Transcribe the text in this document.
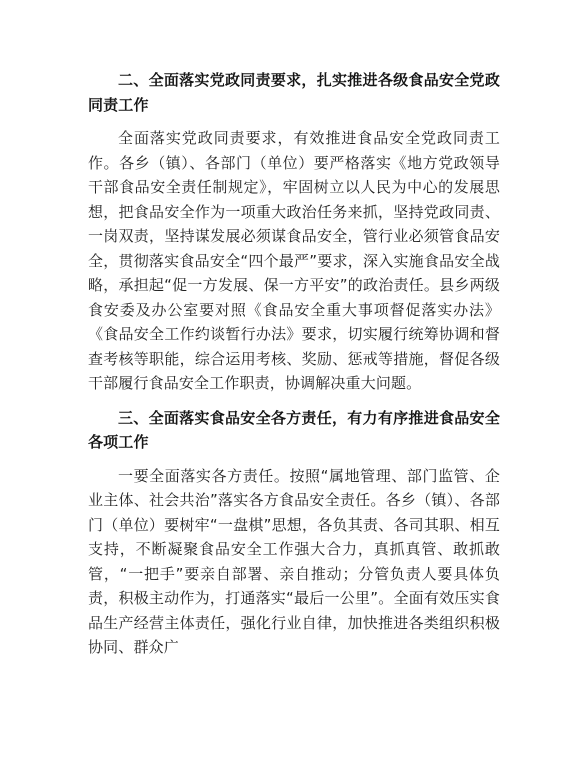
二、全面落实党政同责要求，扎实推进各级食品安全党政同责工作

全面落实党政同责要求，有效推进食品安全党政同责工作。各乡（镇）、各部门（单位）要严格落实《地方党政领导干部食品安全责任制规定》，牢固树立以人民为中心的发展思想，把食品安全作为一项重大政治任务来抓，坚持党政同责、一岗双责，坚持谋发展必须谋食品安全，管行业必须管食品安全，贯彻落实食品安全“四个最严”要求，深入实施食品安全战略，承担起“促一方发展、保一方平安”的政治责任。县乡两级食安委及办公室要对照《食品安全重大事项督促落实办法》《食品安全工作约谈暂行办法》要求，切实履行统筹协调和督查考核等职能，综合运用考核、奖励、惩戒等措施，督促各级干部履行食品安全工作职责，协调解决重大问题。

三、全面落实食品安全各方责任，有力有序推进食品安全各项工作

一要全面落实各方责任。按照“属地管理、部门监管、企业主体、社会共治”落实各方食品安全责任。各乡（镇）、各部门（单位）要树牢“一盘棋”思想，各负其责、各司其职、相互支持，不断凝聚食品安全工作强大合力，真抓真管、敢抓敢管，“一把手”要亲自部署、亲自推动；分管负责人要具体负责，积极主动作为，打通落实“最后一公里”。全面有效压实食品生产经营主体责任，强化行业自律，加快推进各类组织积极协同、群众广
